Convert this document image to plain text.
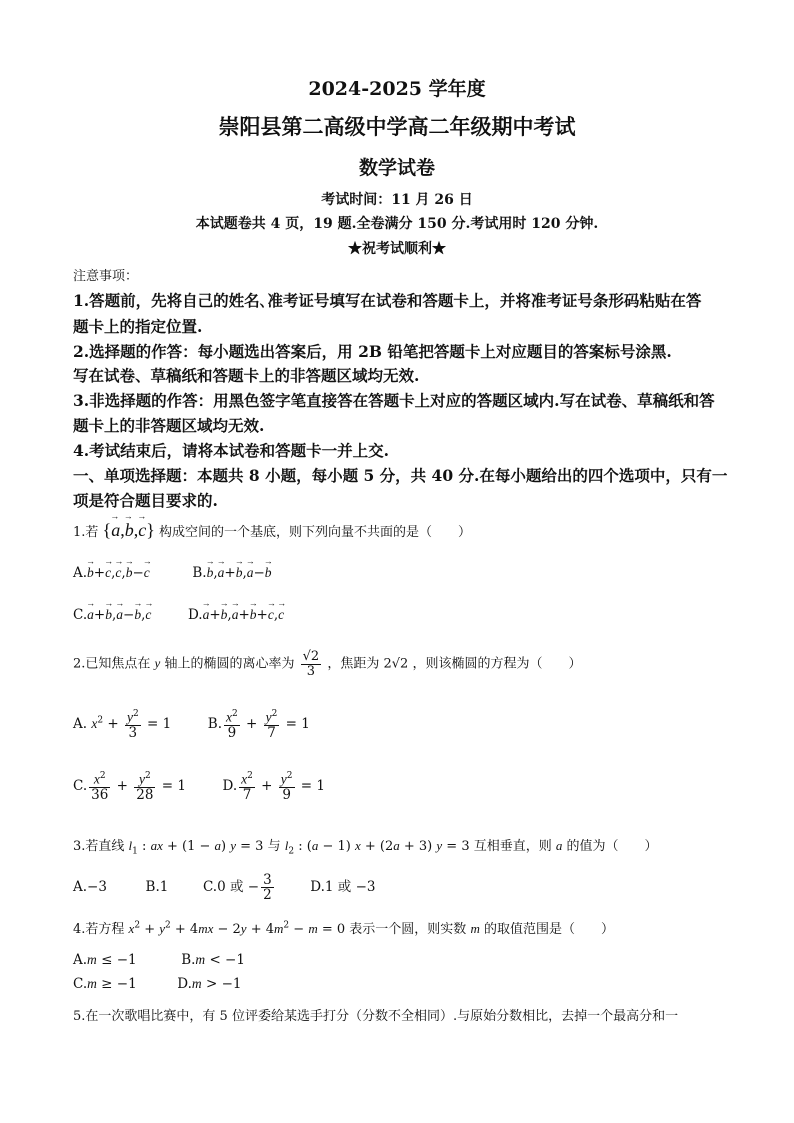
2024-2025 学年度
崇阳县第二高级中学高二年级期中考试
数学试卷
考试时间：11 月 26 日
本试题卷共 4 页，19 题.全卷满分 150 分.考试用时 120 分钟.
★祝考试顺利★
注意事项：
1.答题前，先将自己的姓名､准考证号填写在试卷和答题卡上，并将准考证号条形码粘贴在答
题卡上的指定位置.
2.选择题的作答：每小题选出答案后，用 2B 铅笔把答题卡上对应题目的答案标号涂黑.
写在试卷、草稿纸和答题卡上的非答题区域均无效.
3.非选择题的作答：用黑色签字笔直接答在答题卡上对应的答题区域内.写在试卷、草稿纸和答
题卡上的非答题区域均无效.
4.考试结束后，请将本试卷和答题卡一并上交.
一、单项选择题：本题共 8 小题，每小题 5 分，共 40 分.在每小题给出的四个选项中，只有一
项是符合题目要求的.
1.若 {→ a,→ b,→ c} 构成空间的一个基底，则下列向量不共面的是（　　）
A.→ b+→ c,→ c,→ b−→ c	B.→ b,→ a+→ b,→ a−→ b
C.→ a+→ b,→ a−→ b,→ c	D.→ a+→ b,→ a+→ b+→ c,→ c
2.已知焦点在 y 轴上的椭圆的离心率为 $\frac{√2}{3}$ ，焦距为 2√2 ，则该椭圆的方程为（　　）
A. $x^2 + \frac{y^2}{3} = 1$	B. $\frac{x^2}{9} + \frac{y^2}{7} = 1$
C. $\frac{x^2}{36} + \frac{y^2}{28} = 1$	D. $\frac{x^2}{7} + \frac{y^2}{9} = 1$
3.若直线 $l_1$ : ax + (1 − a) y = 3 与 $l_2$ : (a − 1) x + (2a + 3) y = 3 互相垂直，则 a 的值为（　　）
A.−3	B.1	C.0 或 − $\frac{3}{2}$	D.1 或 −3
4.若方程 $x^2 + y^2 + 4mx - 2y + 4m^2 - m = 0$ 表示一个圆，则实数 m 的取值范围是（　　）
A.m ≤ −1	B.m < −1
C.m ≥ −1	D.m > −1
5.在一次歌唱比赛中，有 5 位评委给某选手打分（分数不全相同）.与原始分数相比，去掉一个最高分和一
